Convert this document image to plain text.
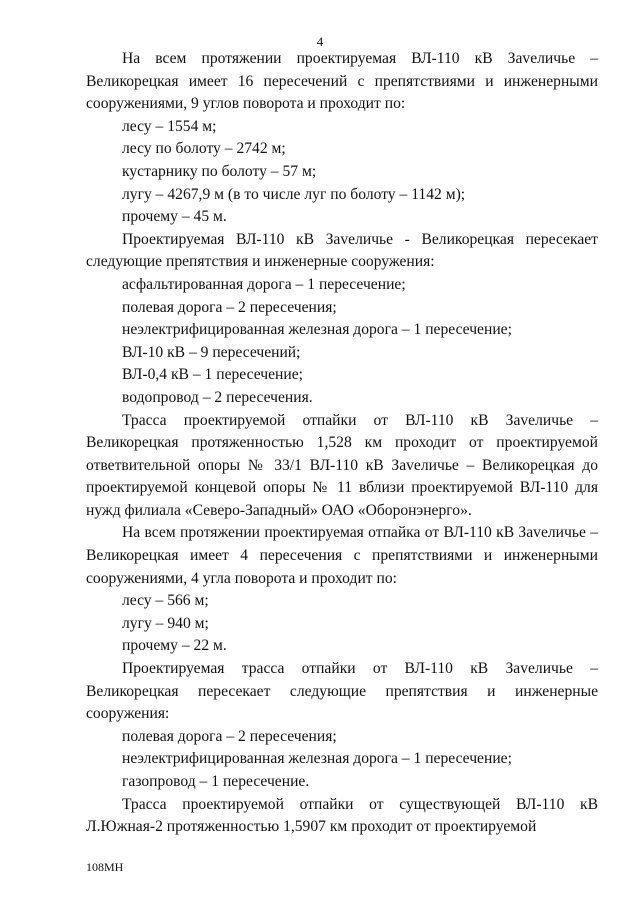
4

На всем протяжении проектируемая ВЛ-110 кВ Заveличье – Великорецкая имеет 16 пересечений с препятствиями и инженерными сооружениями, 9 углов поворота и проходит по:

лесу – 1554 м;

лесу по болоту – 2742 м;

кустарнику по болоту – 57 м;

лугу – 4267,9 м (в то числе луг по болоту – 1142 м);

прочему – 45 м.

Проектируемая ВЛ-110 кВ Заveличье - Великорецкая пересекает следующие препятствия и инженерные сооружения:

асфальтированная дорога – 1 пересечение;

полевая дорога – 2 пересечения;

неэлектрифицированная железная дорога – 1 пересечение;

ВЛ-10 кВ – 9 пересечений;

ВЛ-0,4 кВ – 1 пересечение;

водопровод – 2 пересечения.

Трасса проектируемой отпайки от ВЛ-110 кВ Заveличье – Великорецкая протяженностью 1,528 км проходит от проектируемой ответвительной опоры № 33/1 ВЛ-110 кВ Заveличье – Великорецкая до проектируемой концевой опоры № 11 вблизи проектируемой ВЛ-110 для нужд филиала «Северо-Западный» ОАО «Оборонэнерго».

На всем протяжении проектируемая отпайка от ВЛ-110 кВ Заveличье – Великорецкая имеет 4 пересечения с препятствиями и инженерными сооружениями, 4 угла поворота и проходит по:

лесу – 566 м;

лугу – 940 м;

прочему – 22 м.

Проектируемая трасса отпайки от ВЛ-110 кВ Заveличье – Великорецкая пересекает следующие препятствия и инженерные сооружения:

полевая дорога – 2 пересечения;

неэлектрифицированная железная дорога – 1 пересечение;

газопровод – 1 пересечение.

Трасса проектируемой отпайки от существующей ВЛ-110 кВ Л.Южная-2 протяженностью 1,5907 км проходит от проектируемой

108МН
